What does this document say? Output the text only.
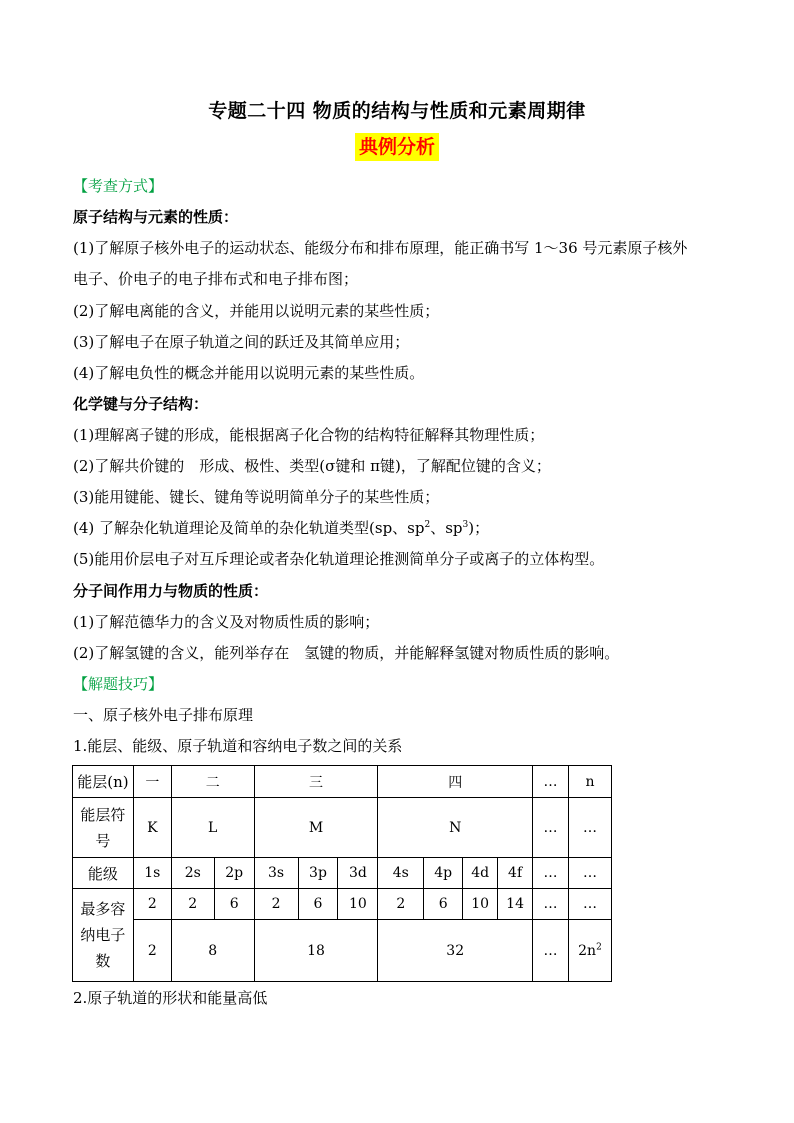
专题二十四 物质的结构与性质和元素周期律
典例分析
【考查方式】
原子结构与元素的性质：
(1)了解原子核外电子的运动状态、能级分布和排布原理，能正确书写 1～36 号元素原子核外
电子、价电子的电子排布式和电子排布图；
(2)了解电离能的含义，并能用以说明元素的某些性质；
(3)了解电子在原子轨道之间的跃迁及其简单应用；
(4)了解电负性的概念并能用以说明元素的某些性质。
化学键与分子结构：
(1)理解离子键的形成，能根据离子化合物的结构特征解释其物理性质；
(2)了解共价键的　形成、极性、类型(σ键和 π键)，了解配位键的含义；
(3)能用键能、键长、键角等说明简单分子的某些性质；
(4) 了解杂化轨道理论及简单的杂化轨道类型(sp、$sp^2$、$sp^3$)；
(5)能用价层电子对互斥理论或者杂化轨道理论推测简单分子或离子的立体构型。
分子间作用力与物质的性质：
(1)了解范德华力的含义及对物质性质的影响；
(2)了解氢键的含义，能列举存在　氢键的物质，并能解释氢键对物质性质的影响。
【解题技巧】
一、原子核外电子排布原理
1.能层、能级、原子轨道和容纳电子数之间的关系
能层(n)	一	二		三			四				…	n
能层符
号	K	L		M			N				…	…
能级	1s	2s	2p	3s	3p	3d	4s	4p	4d	4f	…	…
最多容
纳电子
数	2	2	6	2	6	10	2	6	10	14	…	…
	2	8		18			32				…	$2n^2$
2.原子轨道的形状和能量高低
